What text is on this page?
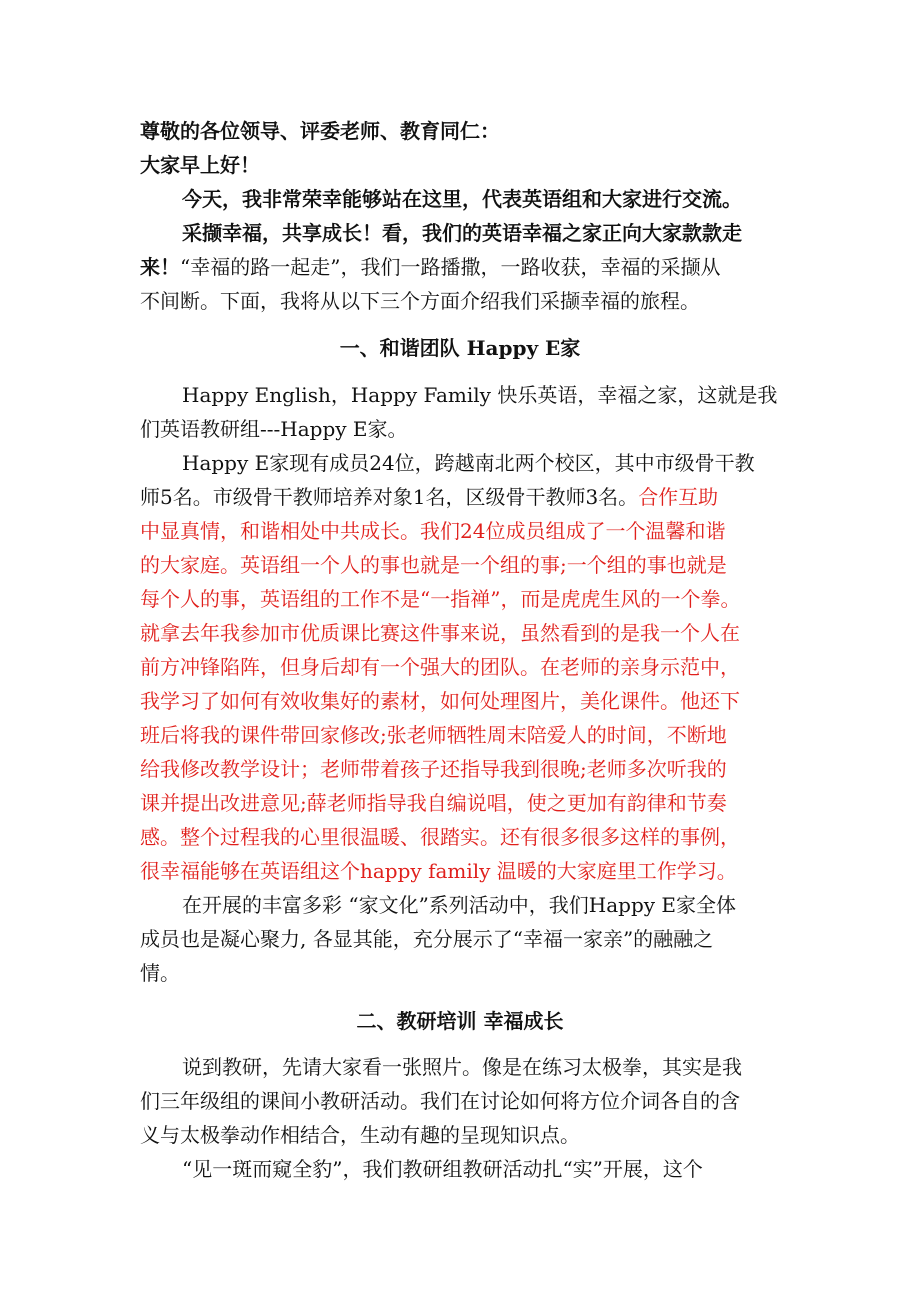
尊敬的各位领导、评委老师、教育同仁：
大家早上好！
今天，我非常荣幸能够站在这里，代表英语组和大家进行交流。
采撷幸福，共享成长！看，我们的英语幸福之家正向大家款款走
来！“幸福的路一起走”，我们一路播撒，一路收获，幸福的采撷从
不间断。下面，我将从以下三个方面介绍我们采撷幸福的旅程。
一、和谐团队 Happy E家
Happy English，Happy Family 快乐英语，幸福之家，这就是我
们英语教研组---Happy E家。
Happy E家现有成员24位，跨越南北两个校区，其中市级骨干教
师5名。市级骨干教师培养对象1名，区级骨干教师3名。合作互助
中显真情，和谐相处中共成长。我们24位成员组成了一个温馨和谐
的大家庭。英语组一个人的事也就是一个组的事;一个组的事也就是
每个人的事，英语组的工作不是“一指禅”，而是虎虎生风的一个拳。
就拿去年我参加市优质课比赛这件事来说，虽然看到的是我一个人在
前方冲锋陷阵，但身后却有一个强大的团队。在老师的亲身示范中，
我学习了如何有效收集好的素材，如何处理图片，美化课件。他还下
班后将我的课件带回家修改;张老师牺牲周末陪爱人的时间，不断地
给我修改教学设计；老师带着孩子还指导我到很晚;老师多次听我的
课并提出改进意见;薛老师指导我自编说唱，使之更加有韵律和节奏
感。整个过程我的心里很温暖、很踏实。还有很多很多这样的事例，
很幸福能够在英语组这个happy family 温暖的大家庭里工作学习。
在开展的丰富多彩 “家文化”系列活动中，我们Happy E家全体
成员也是凝心聚力, 各显其能，充分展示了“幸福一家亲”的融融之
情。
二、教研培训 幸福成长
说到教研，先请大家看一张照片。像是在练习太极拳，其实是我
们三年级组的课间小教研活动。我们在讨论如何将方位介词各自的含
义与太极拳动作相结合，生动有趣的呈现知识点。
“见一斑而窥全豹”，我们教研组教研活动扎“实”开展，这个
